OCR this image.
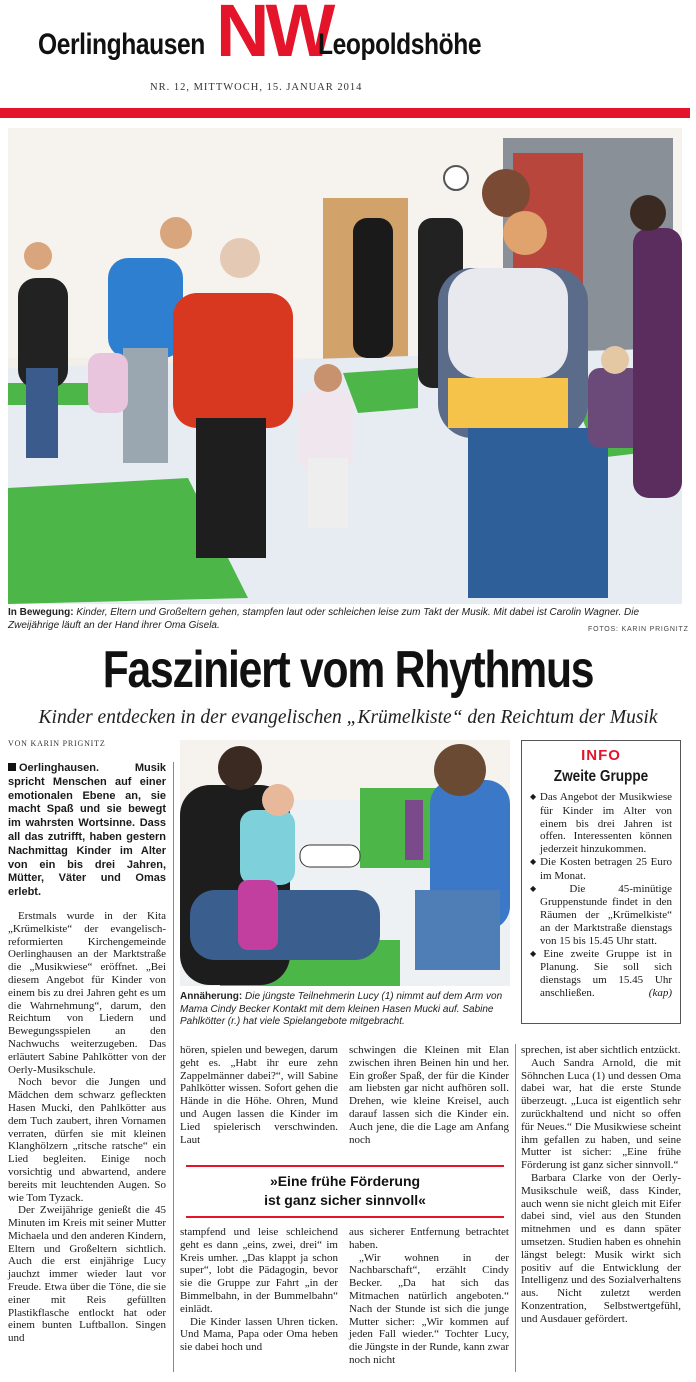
Oerlinghausen NW
Leopoldshöhe
NR. 12, MITTWOCH, 15. JANUAR 2014
In Bewegung: Kinder, Eltern und Großeltern gehen, stampfen laut oder schleichen leise zum Takt der Musik. Mit dabei ist Carolin Wagner. Die Zweijährige läuft an der Hand ihrer Oma Gisela.	FOTOS: KARIN PRIGNITZ
Fasziniert vom Rhythmus
Kinder entdecken in der evangelischen „Krümelkiste“ den Reichtum der Musik
VON KARIN PRIGNITZ
Oerlinghausen.	Musik spricht Menschen auf einer emotionalen Ebene an, sie macht Spaß und sie bewegt im wahrsten Wortsinne. Dass all das zutrifft, haben gestern Nachmittag Kinder im Alter von ein bis drei Jahren, Mütter, Väter und Omas erlebt.

Erstmals wurde in der Kita „Krümelkiste“ der evangelisch-reformierten Kirchengemeinde Oerlinghausen an der Marktstraße die „Musikwiese“ eröffnet. „Bei diesem Angebot für Kinder von einem bis zu drei Jahren geht es um die Wahrnehmung“, darum, den Reichtum von Liedern und Bewegungsspielen an den Nachwuchs weiterzugeben. Das erläutert Sabine Pahlkötter von der Oerly-Musikschule.

Noch bevor die Jungen und Mädchen dem schwarz gefleckten Hasen Mucki, den Pahlkötter aus dem Tuch zaubert, ihren Vornamen verraten, dürfen sie mit kleinen Klanghölzern „ritsche ratsche“ ein Lied begleiten. Einige noch vorsichtig und abwartend, andere bereits mit leuchtenden Augen. So wie Tom Tyzack.

Der Zweijährige genießt die 45 Minuten im Kreis mit seiner Mutter Michaela und den anderen Kindern, Eltern und Großeltern sichtlich. Auch die erst einjährige Lucy jauchzt immer wieder laut vor Freude. Etwa über die Töne, die sie einer mit Reis gefüllten Plastikflasche entlockt hat oder einem bunten Luftballon. Singen und

Annäherung: Die jüngste Teilnehmerin Lucy (1) nimmt auf dem Arm von Mama Cindy Becker Kontakt mit dem kleinen Hasen Mucki auf. Sabine Pahlkötter (r.) hat viele Spielangebote mitgebracht.

hören, spielen und bewegen, darum geht es. „Habt ihr eure zehn Zappelmänner dabei?“, will Sabine Pahlkötter wissen. Sofort gehen die Hände in die Höhe. Ohren, Mund und Augen lassen die Kinder im Lied spielerisch verschwinden. Laut

schwingen die Kleinen mit Elan zwischen ihren Beinen hin und her. Ein großer Spaß, der für die Kinder am liebsten gar nicht aufhören soll. Drehen, wie kleine Kreisel, auch darauf lassen sich die Kinder ein. Auch jene, die die Lage am Anfang noch

»Eine frühe Förderung
ist ganz sicher sinnvoll«

stampfend und leise schleichend geht es dann „eins, zwei, drei“ im Kreis umher. „Das klappt ja schon super“, lobt die Pädagogin, bevor sie die Gruppe zur Fahrt „in der Bimmelbahn, in der Bummelbahn“ einlädt.

Die Kinder lassen Uhren ticken. Und Mama, Papa oder Oma heben sie dabei hoch und

aus sicherer Entfernung betrachtet haben.

„Wir wohnen in der Nachbarschaft“, erzählt Cindy Becker. „Da hat sich das Mitmachen natürlich angeboten.“ Nach der Stunde ist sich die junge Mutter sicher: „Wir kommen auf jeden Fall wieder.“ Tochter Lucy, die Jüngste in der Runde, kann zwar noch nicht

INFO
Zweite Gruppe
◆ Das Angebot der Musikwiese für Kinder im Alter von einem bis drei Jahren ist offen. Interessenten können jederzeit hinzukommen.
◆ Die Kosten betragen 25 Euro im Monat.
◆ Die 45-minütige Gruppenstunde findet in den Räumen der „Krümelkiste“ an der Marktstraße dienstags von 15 bis 15.45 Uhr statt.
◆ Eine zweite Gruppe ist in Planung. Sie soll sich dienstags um 15.45 Uhr anschließen.	(kap)

sprechen, ist aber sichtlich entzückt.

Auch Sandra Arnold, die mit Söhnchen Luca (1) und dessen Oma dabei war, hat die erste Stunde überzeugt. „Luca ist eigentlich sehr zurückhaltend und nicht so offen für Neues.“ Die Musikwiese scheint ihm gefallen zu haben, und seine Mutter ist sicher: „Eine frühe Förderung ist ganz sicher sinnvoll.“

Barbara Clarke von der Oerly-Musikschule weiß, dass Kinder, auch wenn sie nicht gleich mit Eifer dabei sind, viel aus den Stunden mitnehmen und es dann später umsetzen. Studien haben es ohnehin längst belegt: Musik wirkt sich positiv auf die Entwicklung der Intelligenz und des Sozialverhaltens aus. Nicht zuletzt werden Konzentration, Selbstwertgefühl, und Ausdauer gefördert.
